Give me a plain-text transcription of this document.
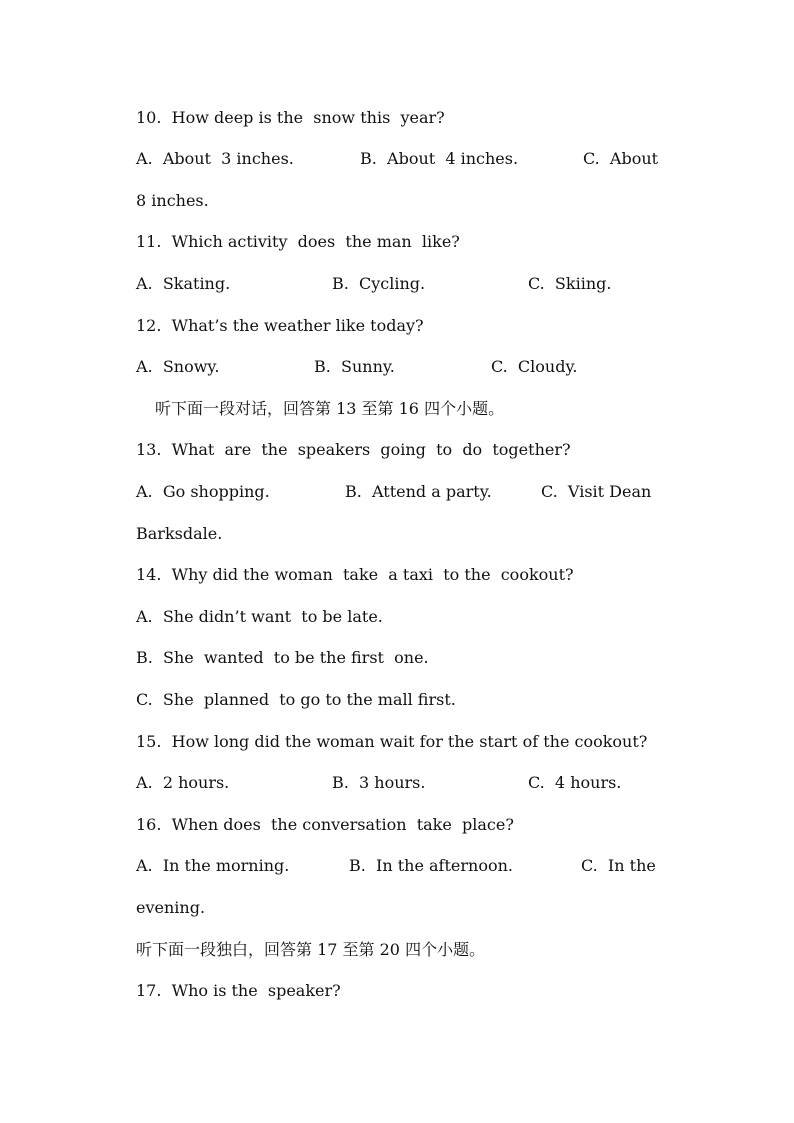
10.  How deep is the  snow this  year?
A.  About  3 inches.	B.  About  4 inches.	C.  About
8 inches.
11.  Which activity  does  the man  like?
A.  Skating.	B.  Cycling.	C.  Skiing.
12.  What’s the weather like today?
A.  Snowy.	B.  Sunny.	C.  Cloudy.
听下面一段对话，回答第 13 至第 16 四个小题。
13.  What  are  the  speakers  going  to  do  together?
A.  Go shopping.	B.  Attend a party.	C.  Visit Dean
Barksdale.
14.  Why did the woman  take  a taxi  to the  cookout?
A.  She didn’t want  to be late.
B.  She  wanted  to be the first  one.
C.  She  planned  to go to the mall first.
15.  How long did the woman wait for the start of the cookout?
A.  2 hours.	B.  3 hours.	C.  4 hours.
16.  When does  the conversation  take  place?
A.  In the morning.	B.  In the afternoon.	C.  In the
evening.
听下面一段独白，回答第 17 至第 20 四个小题。
17.  Who is the  speaker?
